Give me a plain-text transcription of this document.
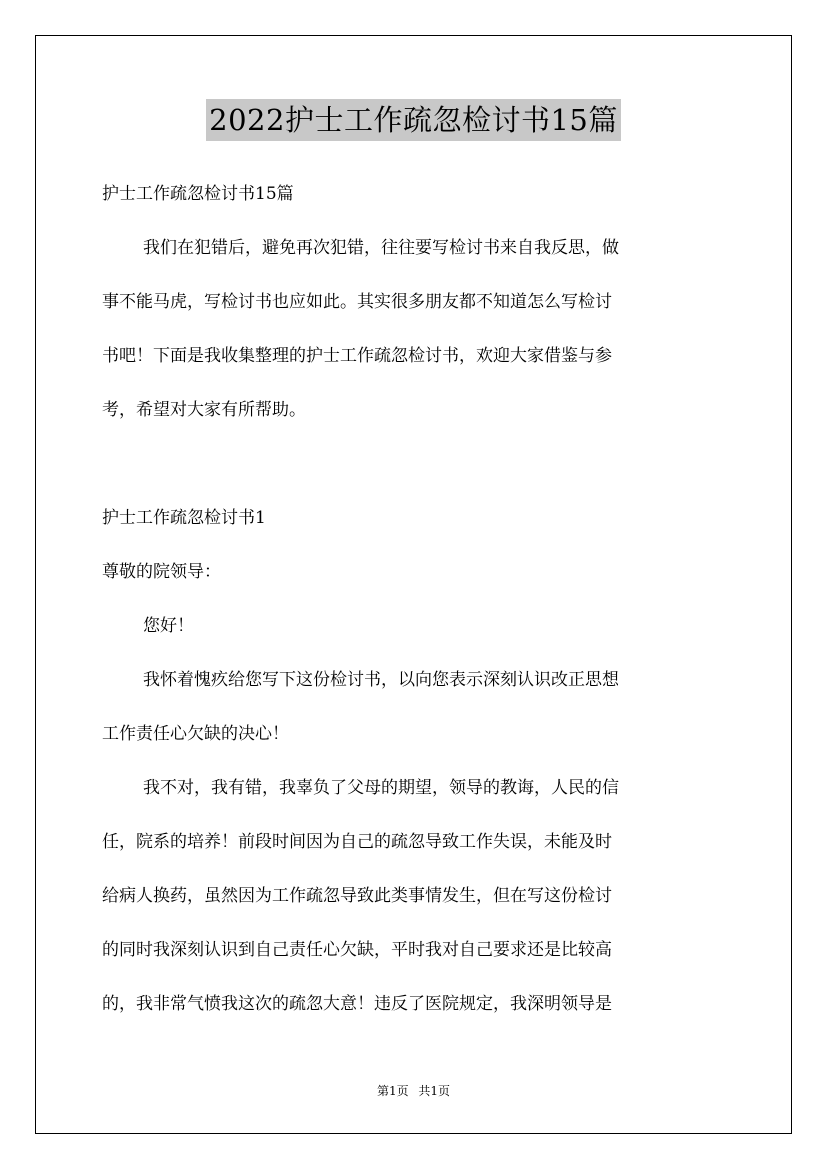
2022护士工作疏忽检讨书15篇
护士工作疏忽检讨书15篇
我们在犯错后，避免再次犯错，往往要写检讨书来自我反思，做
事不能马虎，写检讨书也应如此。其实很多朋友都不知道怎么写检讨
书吧！下面是我收集整理的护士工作疏忽检讨书，欢迎大家借鉴与参
考，希望对大家有所帮助。
护士工作疏忽检讨书1
尊敬的院领导：
您好！
我怀着愧疚给您写下这份检讨书，以向您表示深刻认识改正思想
工作责任心欠缺的决心！
我不对，我有错，我辜负了父母的期望，领导的教诲，人民的信
任，院系的培养！前段时间因为自己的疏忽导致工作失误，未能及时
给病人换药，虽然因为工作疏忽导致此类事情发生，但在写这份检讨
的同时我深刻认识到自己责任心欠缺，平时我对自己要求还是比较高
的，我非常气愤我这次的疏忽大意！违反了医院规定，我深明领导是
第1页 共1页
